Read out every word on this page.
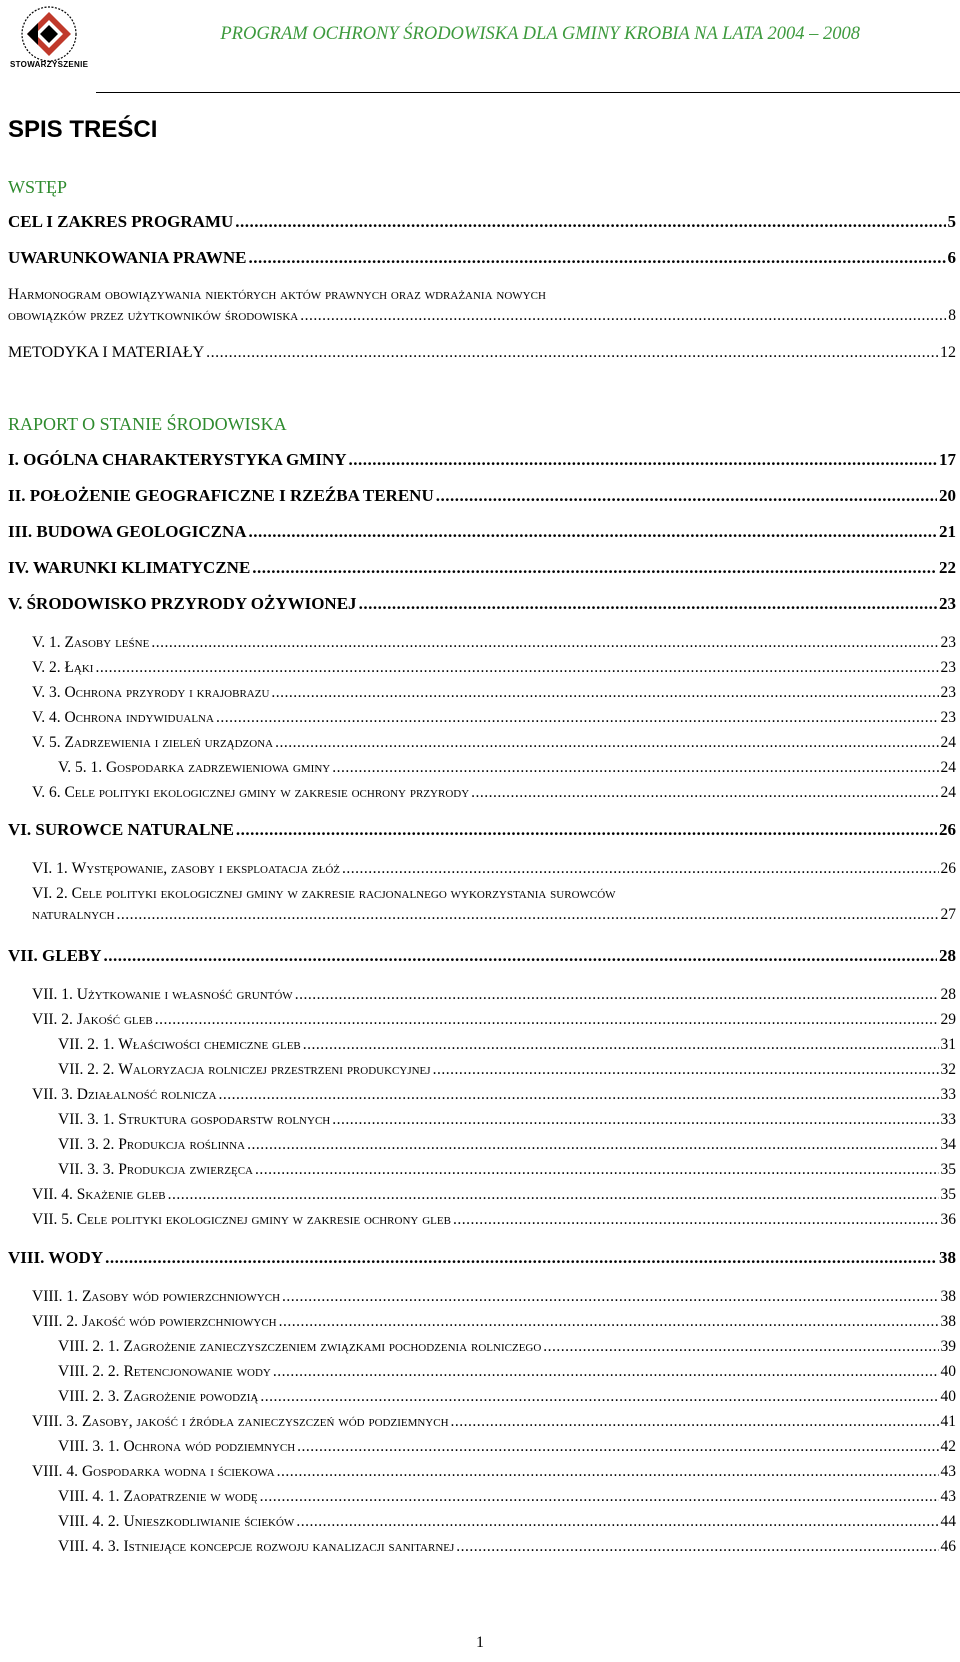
STOWARZYSZENIE
PROGRAM OCHRONY ŚRODOWISKA DLA GMINY KROBIA NA LATA 2004 – 2008
SPIS TREŚCI
WSTĘP
CEL I ZAKRES PROGRAMU .....	5
UWARUNKOWANIA PRAWNE .....	6
Harmonogram obowiązywania niektórych aktów prawnych oraz wdrażania nowych
obowiązków przez użytkowników środowiska .....	8
METODYKA I MATERIAŁY .....	12
RAPORT O STANIE ŚRODOWISKA
I. OGÓLNA CHARAKTERYSTYKA GMINY .....	17
II. POŁOŻENIE GEOGRAFICZNE I RZEŹBA TERENU .....	20
III. BUDOWA GEOLOGICZNA .....	21
IV. WARUNKI KLIMATYCZNE .....	22
V. ŚRODOWISKO PRZYRODY OŻYWIONEJ .....	23
V. 1. Zasoby leśne .....	23
V. 2. Łąki .....	23
V. 3. Ochrona przyrody i krajobrazu .....	23
V. 4. Ochrona indywidualna .....	23
V. 5. Zadrzewienia i zieleń urządzona .....	24
V. 5. 1. Gospodarka zadrzewieniowa gminy .....	24
V. 6. Cele polityki ekologicznej gminy w zakresie ochrony przyrody .....	24
VI. SUROWCE NATURALNE .....	26
VI. 1. Występowanie, zasoby i eksploatacja złóż .....	26
VI. 2. Cele polityki ekologicznej gminy w zakresie racjonalnego wykorzystania surowców
naturalnych .....	27
VII. GLEBY .....	28
VII. 1. Użytkowanie i własność gruntów .....	28
VII. 2. Jakość gleb .....	29
VII. 2. 1. Właściwości chemiczne gleb .....	31
VII. 2. 2. Waloryzacja rolniczej przestrzeni produkcyjnej .....	32
VII. 3. Działalność rolnicza .....	33
VII. 3. 1. Struktura gospodarstw rolnych .....	33
VII. 3. 2. Produkcja roślinna .....	34
VII. 3. 3. Produkcja zwierzęca .....	35
VII. 4. Skażenie gleb .....	35
VII. 5. Cele polityki ekologicznej gminy w zakresie ochrony gleb .....	36
VIII. WODY .....	38
VIII. 1. Zasoby wód powierzchniowych .....	38
VIII. 2. Jakość wód powierzchniowych .....	38
VIII. 2. 1. Zagrożenie zanieczyszczeniem związkami pochodzenia rolniczego .....	39
VIII. 2. 2. Retencjonowanie wody .....	40
VIII. 2. 3. Zagrożenie powodzią .....	40
VIII. 3. Zasoby, jakość i źródła zanieczyszczeń wód podziemnych .....	41
VIII. 3. 1. Ochrona wód podziemnych .....	42
VIII. 4. Gospodarka wodna i ściekowa .....	43
VIII. 4. 1. Zaopatrzenie w wodę .....	43
VIII. 4. 2. Unieszkodliwianie ścieków .....	44
VIII. 4. 3. Istniejące koncepcje rozwoju kanalizacji sanitarnej .....	46
1
